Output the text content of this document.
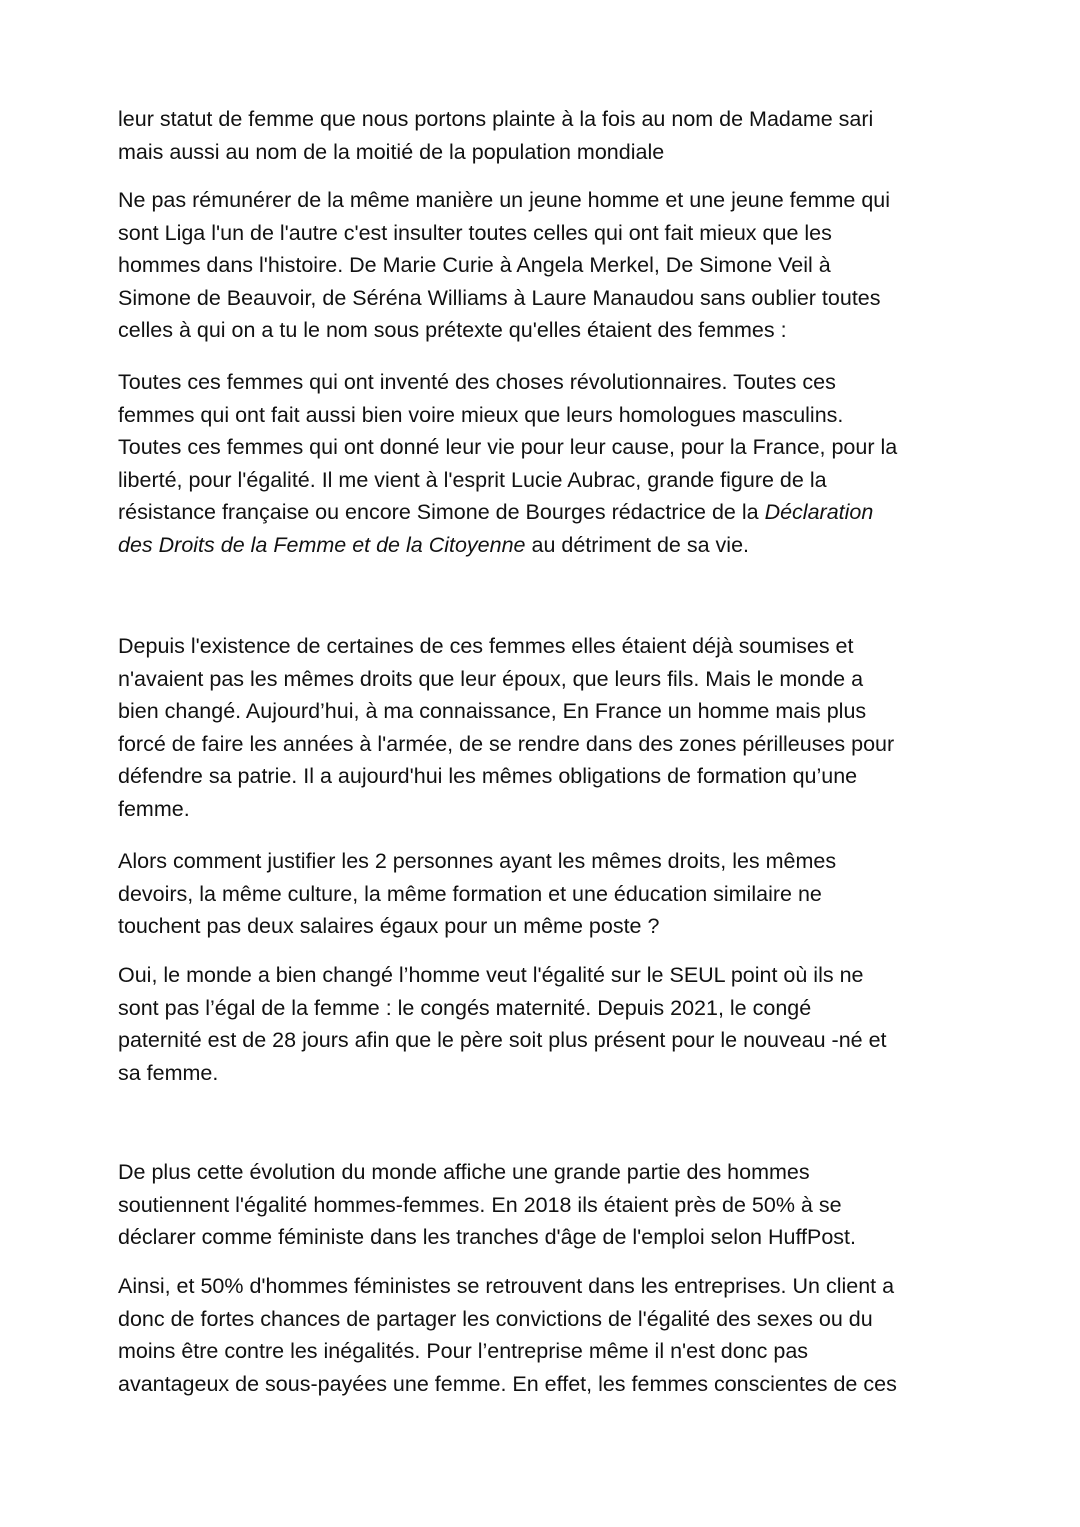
leur statut de femme que nous portons plainte à la fois au nom de Madame sari
mais aussi au nom de la moitié de la population mondiale
Ne pas rémunérer de la même manière un jeune homme et une jeune femme qui
sont Liga l'un de l'autre c'est insulter toutes celles qui ont fait mieux que les
hommes dans l'histoire. De Marie Curie à Angela Merkel, De Simone Veil à
Simone de Beauvoir, de Séréna Williams à Laure Manaudou sans oublier toutes
celles à qui on a tu le nom sous prétexte qu'elles étaient des femmes :
Toutes ces femmes qui ont inventé des choses révolutionnaires. Toutes ces
femmes qui ont fait aussi bien voire mieux que leurs homologues masculins.
Toutes ces femmes qui ont donné leur vie pour leur cause, pour la France, pour la
liberté, pour l'égalité. Il me vient à l'esprit Lucie Aubrac, grande figure de la
résistance française ou encore Simone de Bourges rédactrice de la Déclaration
des Droits de la Femme et de la Citoyenne au détriment de sa vie.
Depuis l'existence de certaines de ces femmes elles étaient déjà soumises et
n'avaient pas les mêmes droits que leur époux, que leurs fils. Mais le monde a
bien changé. Aujourd’hui, à ma connaissance, En France un homme mais plus
forcé de faire les années à l'armée, de se rendre dans des zones périlleuses pour
défendre sa patrie. Il a aujourd'hui les mêmes obligations de formation qu’une
femme.
Alors comment justifier les 2 personnes ayant les mêmes droits, les mêmes
devoirs, la même culture, la même formation et une éducation similaire ne
touchent pas deux salaires égaux pour un même poste ?
Oui, le monde a bien changé l’homme veut l'égalité sur le SEUL point où ils ne
sont pas l’égal de la femme : le congés maternité. Depuis 2021, le congé
paternité est de 28 jours afin que le père soit plus présent pour le nouveau -né et
sa femme.
De plus cette évolution du monde affiche une grande partie des hommes
soutiennent l'égalité hommes-femmes. En 2018 ils étaient près de 50% à se
déclarer comme féministe dans les tranches d'âge de l'emploi selon HuffPost.
Ainsi, et 50% d'hommes féministes se retrouvent dans les entreprises. Un client a
donc de fortes chances de partager les convictions de l'égalité des sexes ou du
moins être contre les inégalités. Pour l’entreprise même il n'est donc pas
avantageux de sous-payées une femme. En effet, les femmes conscientes de ces
